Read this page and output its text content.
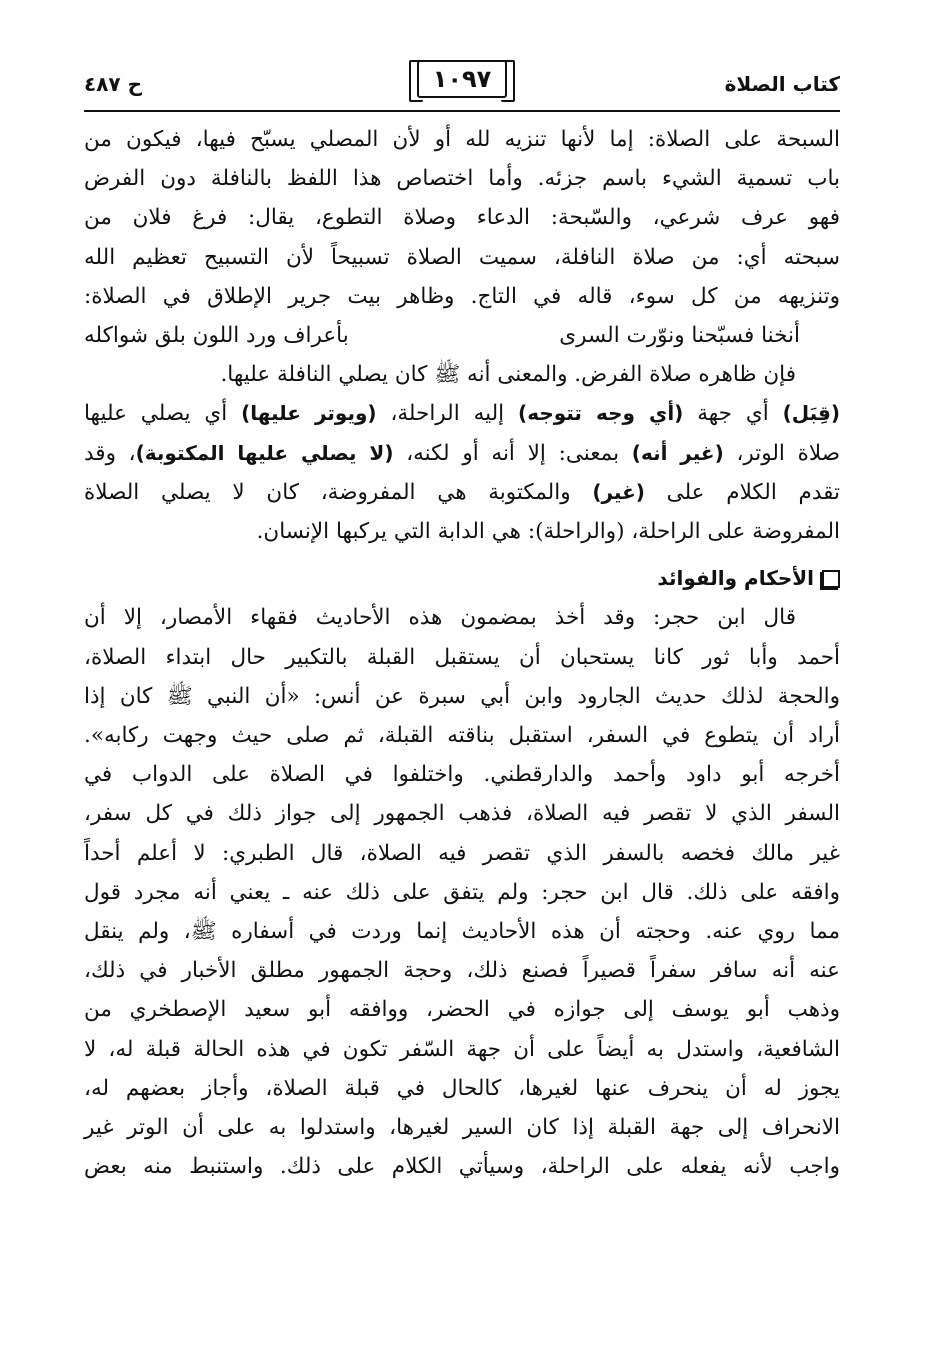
كتاب الصلاة
١٠٩٧
ح ٤٨٧
السبحة على الصلاة: إما لأنها تنزيه لله أو لأن المصلي يسبّح فيها، فيكون من
باب تسمية الشيء باسم جزئه. وأما اختصاص هذا اللفظ بالنافلة دون الفرض
فهو عرف شرعي، والسّبحة: الدعاء وصلاة التطوع، يقال: فرغ فلان من
سبحته أي: من صلاة النافلة، سميت الصلاة تسبيحاً لأن التسبيح تعظيم الله
وتنزيهه من كل سوء، قاله في التاج. وظاهر بيت جرير الإطلاق في الصلاة:
أنخنا فسبّحنا ونوّرت السرى
بأعراف ورد اللون بلق شواكله
فإن ظاهره صلاة الفرض. والمعنى أنه ﷺ كان يصلي النافلة عليها.
(قِبَل) أي جهة (أي وجه تتوجه) إليه الراحلة، (ويوتر عليها) أي يصلي عليها
صلاة الوتر، (غير أنه) بمعنى: إلا أنه أو لكنه، (لا يصلي عليها المكتوبة)، وقد
تقدم الكلام على (غير) والمكتوبة هي المفروضة، كان لا يصلي الصلاة
المفروضة على الراحلة، (والراحلة): هي الدابة التي يركبها الإنسان.
الأحكام والفوائد
قال ابن حجر: وقد أخذ بمضمون هذه الأحاديث فقهاء الأمصار، إلا أن
أحمد وأبا ثور كانا يستحبان أن يستقبل القبلة بالتكبير حال ابتداء الصلاة،
والحجة لذلك حديث الجارود وابن أبي سبرة عن أنس: «أن النبي ﷺ كان إذا
أراد أن يتطوع في السفر، استقبل بناقته القبلة، ثم صلى حيث وجهت ركابه».
أخرجه أبو داود وأحمد والدارقطني. واختلفوا في الصلاة على الدواب في
السفر الذي لا تقصر فيه الصلاة، فذهب الجمهور إلى جواز ذلك في كل سفر،
غير مالك فخصه بالسفر الذي تقصر فيه الصلاة، قال الطبري: لا أعلم أحداً
وافقه على ذلك. قال ابن حجر: ولم يتفق على ذلك عنه ـ يعني أنه مجرد قول
مما روي عنه. وحجته أن هذه الأحاديث إنما وردت في أسفاره ﷺ، ولم ينقل
عنه أنه سافر سفراً قصيراً فصنع ذلك، وحجة الجمهور مطلق الأخبار في ذلك،
وذهب أبو يوسف إلى جوازه في الحضر، ووافقه أبو سعيد الإصطخري من
الشافعية، واستدل به أيضاً على أن جهة السّفر تكون في هذه الحالة قبلة له، لا
يجوز له أن ينحرف عنها لغيرها، كالحال في قبلة الصلاة، وأجاز بعضهم له،
الانحراف إلى جهة القبلة إذا كان السير لغيرها، واستدلوا به على أن الوتر غير
واجب لأنه يفعله على الراحلة، وسيأتي الكلام على ذلك. واستنبط منه بعض
